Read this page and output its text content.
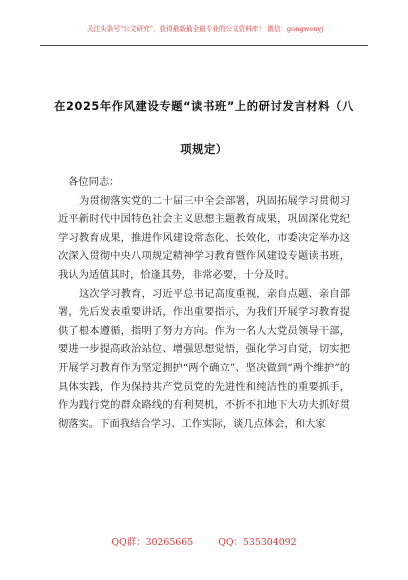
关注头条号“公文研究”，获得最新最全最专业的公文资料库！ 微信：gongwenyj
在2025年作风建设专题“读书班”上的研讨发言材料（八
项规定）

各位同志：

为贯彻落实党的二十届三中全会部署，巩固拓展学习贯彻习近平新时代中国特色社会主义思想主题教育成果，巩固深化党纪学习教育成果，推进作风建设常态化、长效化，市委决定举办这次深入贯彻中央八项规定精神学习教育暨作风建设专题读书班，我认为适值其时，恰逢其势，非常必要，十分及时。

这次学习教育，习近平总书记高度重视，亲自点题、亲自部署，先后发表重要讲话，作出重要指示，为我们开展学习教育提供了根本遵循，指明了努力方向。作为一名人大党员领导干部，要进一步提高政治站位、增强思想觉悟，强化学习自觉，切实把开展学习教育作为坚定拥护“两个确立”、坚决做到“两个维护”的具体实践，作为保持共产党员党的先进性和纯洁性的重要抓手，作为践行党的群众路线的有利契机，不折不扣地下大功夫抓好贯彻落实。下面我结合学习、工作实际，谈几点体会，和大家

QQ群：30265665	QQ：535304092
